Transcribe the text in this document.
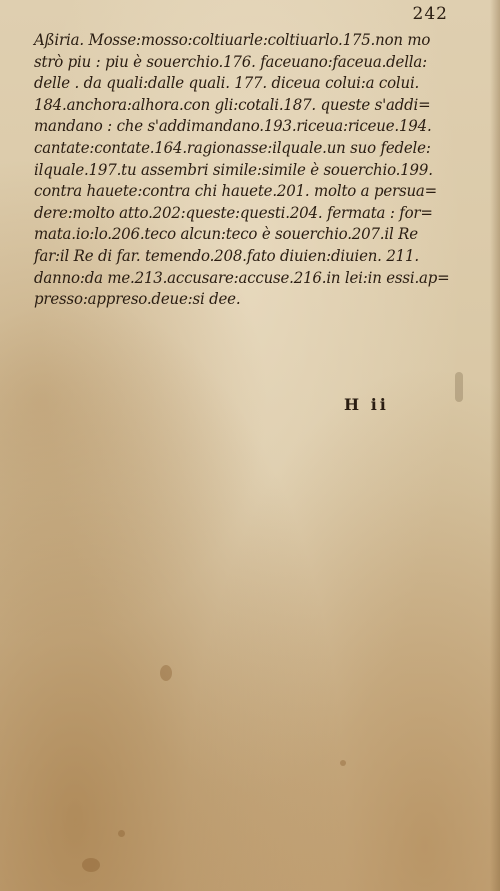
242
Aßiria. Mosse:mosso:coltiuarle:coltiuarlo.175.non mo
strò piu : piu è souerchio.176. faceuano:faceua.della:
delle . da quali:dalle quali. 177. diceua colui:a colui.
184.anchora:alhora.con gli:cotali.187. queste s'addi=
mandano : che s'addimandano.193.riceua:riceue.194.
cantate:contate.164.ragionasse:ilquale.un suo fedele:
ilquale.197.tu assembri simile:simile è souerchio.199.
contra hauete:contra chi hauete.201. molto a persua=
dere:molto atto.202:queste:questi.204. fermata : for=
mata.io:lo.206.teco alcun:teco è souerchio.207.il Re
far:il Re di far. temendo.208.fato diuien:diuien. 211.
danno:da me.213.accusare:accuse.216.in lei:in essi.ap=
presso:appreso.deue:si dee.
H ii
